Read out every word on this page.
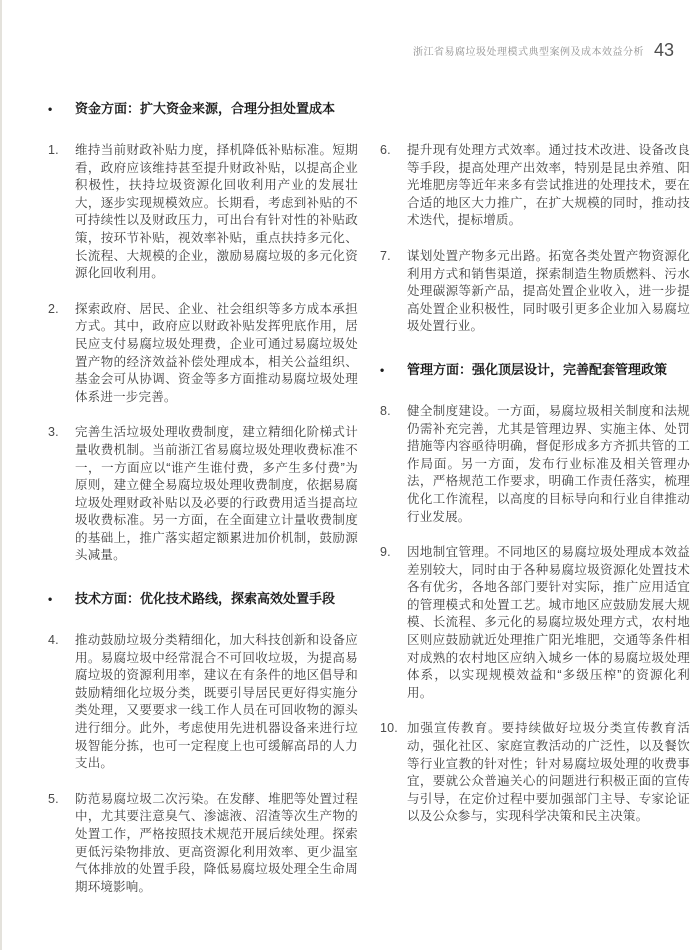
浙江省易腐垃圾处理模式典型案例及成本效益分析 43
•	资金方面：扩大资金来源，合理分担处置成本
1.	维持当前财政补贴力度，择机降低补贴标准。短期看，政府应该维持甚至提升财政补贴，以提高企业积极性，扶持垃圾资源化回收利用产业的发展壮大，逐步实现规模效应。长期看，考虑到补贴的不可持续性以及财政压力，可出台有针对性的补贴政策，按环节补贴，视效率补贴，重点扶持多元化、长流程、大规模的企业，激励易腐垃圾的多元化资源化回收利用。
2.	探索政府、居民、企业、社会组织等多方成本承担方式。其中，政府应以财政补贴发挥兜底作用，居民应支付易腐垃圾处理费，企业可通过易腐垃圾处置产物的经济效益补偿处理成本，相关公益组织、基金会可从协调、资金等多方面推动易腐垃圾处理体系进一步完善。
3.	完善生活垃圾处理收费制度，建立精细化阶梯式计量收费机制。当前浙江省易腐垃圾处理收费标准不一，一方面应以“谁产生谁付费，多产生多付费”为原则，建立健全易腐垃圾处理收费制度，依据易腐垃圾处理财政补贴以及必要的行政费用适当提高垃圾收费标准。另一方面，在全面建立计量收费制度的基础上，推广落实超定额累进加价机制，鼓励源头减量。
•	技术方面：优化技术路线，探索高效处置手段
4.	推动鼓励垃圾分类精细化，加大科技创新和设备应用。易腐垃圾中经常混合不可回收垃圾，为提高易腐垃圾的资源利用率，建议在有条件的地区倡导和鼓励精细化垃圾分类，既要引导居民更好得实施分类处理，又要要求一线工作人员在可回收物的源头进行细分。此外，考虑使用先进机器设备来进行垃圾智能分拣，也可一定程度上也可缓解高昂的人力支出。
5.	防范易腐垃圾二次污染。在发酵、堆肥等处置过程中，尤其要注意臭气、渗滤液、沼渣等次生产物的处置工作，严格按照技术规范开展后续处理。探索更低污染物排放、更高资源化利用效率、更少温室气体排放的处置手段，降低易腐垃圾处理全生命周期环境影响。
6.	提升现有处理方式效率。通过技术改进、设备改良等手段，提高处理产出效率，特别是昆虫养殖、阳光堆肥房等近年来多有尝试推进的处理技术，要在合适的地区大力推广，在扩大规模的同时，推动技术迭代，提标增质。
7.	谋划处置产物多元出路。拓宽各类处置产物资源化利用方式和销售渠道，探索制造生物质燃料、污水处理碳源等新产品，提高处置企业收入，进一步提高处置企业积极性，同时吸引更多企业加入易腐垃圾处置行业。
•	管理方面：强化顶层设计，完善配套管理政策
8.	健全制度建设。一方面，易腐垃圾相关制度和法规仍需补充完善，尤其是管理边界、实施主体、处罚措施等内容亟待明确，督促形成多方齐抓共管的工作局面。另一方面，发布行业标准及相关管理办法，严格规范工作要求，明确工作责任落实，梳理优化工作流程，以高度的目标导向和行业自律推动行业发展。
9.	因地制宜管理。不同地区的易腐垃圾处理成本效益差别较大，同时由于各种易腐垃圾资源化处置技术各有优劣，各地各部门要针对实际，推广应用适宜的管理模式和处置工艺。城市地区应鼓励发展大规模、长流程、多元化的易腐垃圾处理方式，农村地区则应鼓励就近处理推广阳光堆肥，交通等条件相对成熟的农村地区应纳入城乡一体的易腐垃圾处理体系，以实现规模效益和“多级压榨”的资源化利用。
10. 加强宣传教育。要持续做好垃圾分类宣传教育活动，强化社区、家庭宣教活动的广泛性，以及餐饮等行业宣教的针对性；针对易腐垃圾处理的收费事宜，要就公众普遍关心的问题进行积极正面的宣传与引导，在定价过程中要加强部门主导、专家论证以及公众参与，实现科学决策和民主决策。
